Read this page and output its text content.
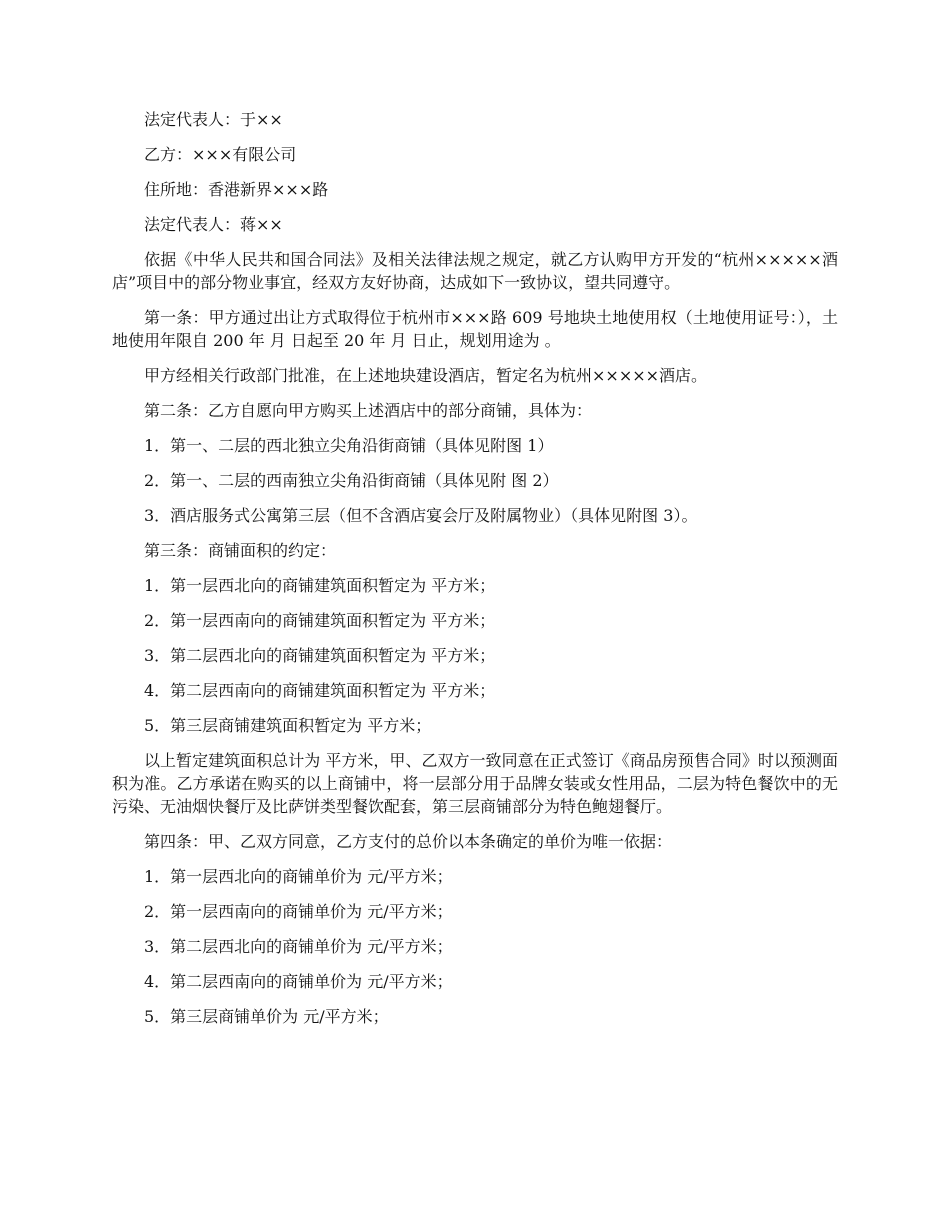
法定代表人：于××

乙方：×××有限公司

住所地：香港新界×××路

法定代表人：蒋××

依据《中华人民共和国合同法》及相关法律法规之规定，就乙方认购甲方开发的“杭州×××××酒店”项目中的部分物业事宜，经双方友好协商，达成如下一致协议，望共同遵守。

第一条：甲方通过出让方式取得位于杭州市×××路 609 号地块土地使用权（土地使用证号：），土地使用年限自 200 年 月 日起至 20 年 月 日止，规划用途为 。

甲方经相关行政部门批准，在上述地块建设酒店，暂定名为杭州×××××酒店。

第二条：乙方自愿向甲方购买上述酒店中的部分商铺，具体为：

1．第一、二层的西北独立尖角沿街商铺（具体见附图 1）

2．第一、二层的西南独立尖角沿街商铺（具体见附 图 2）

3．酒店服务式公寓第三层（但不含酒店宴会厅及附属物业）（具体见附图 3）。

第三条：商铺面积的约定：

1．第一层西北向的商铺建筑面积暂定为 平方米；

2．第一层西南向的商铺建筑面积暂定为 平方米；

3．第二层西北向的商铺建筑面积暂定为 平方米；

4．第二层西南向的商铺建筑面积暂定为 平方米；

5．第三层商铺建筑面积暂定为 平方米；

以上暂定建筑面积总计为 平方米，甲、乙双方一致同意在正式签订《商品房预售合同》时以预测面积为准。乙方承诺在购买的以上商铺中，将一层部分用于品牌女装或女性用品，二层为特色餐饮中的无污染、无油烟快餐厅及比萨饼类型餐饮配套，第三层商铺部分为特色鲍翅餐厅。

第四条：甲、乙双方同意，乙方支付的总价以本条确定的单价为唯一依据：

1．第一层西北向的商铺单价为 元/平方米；

2．第一层西南向的商铺单价为 元/平方米；

3．第二层西北向的商铺单价为 元/平方米；

4．第二层西南向的商铺单价为 元/平方米；

5．第三层商铺单价为 元/平方米；
